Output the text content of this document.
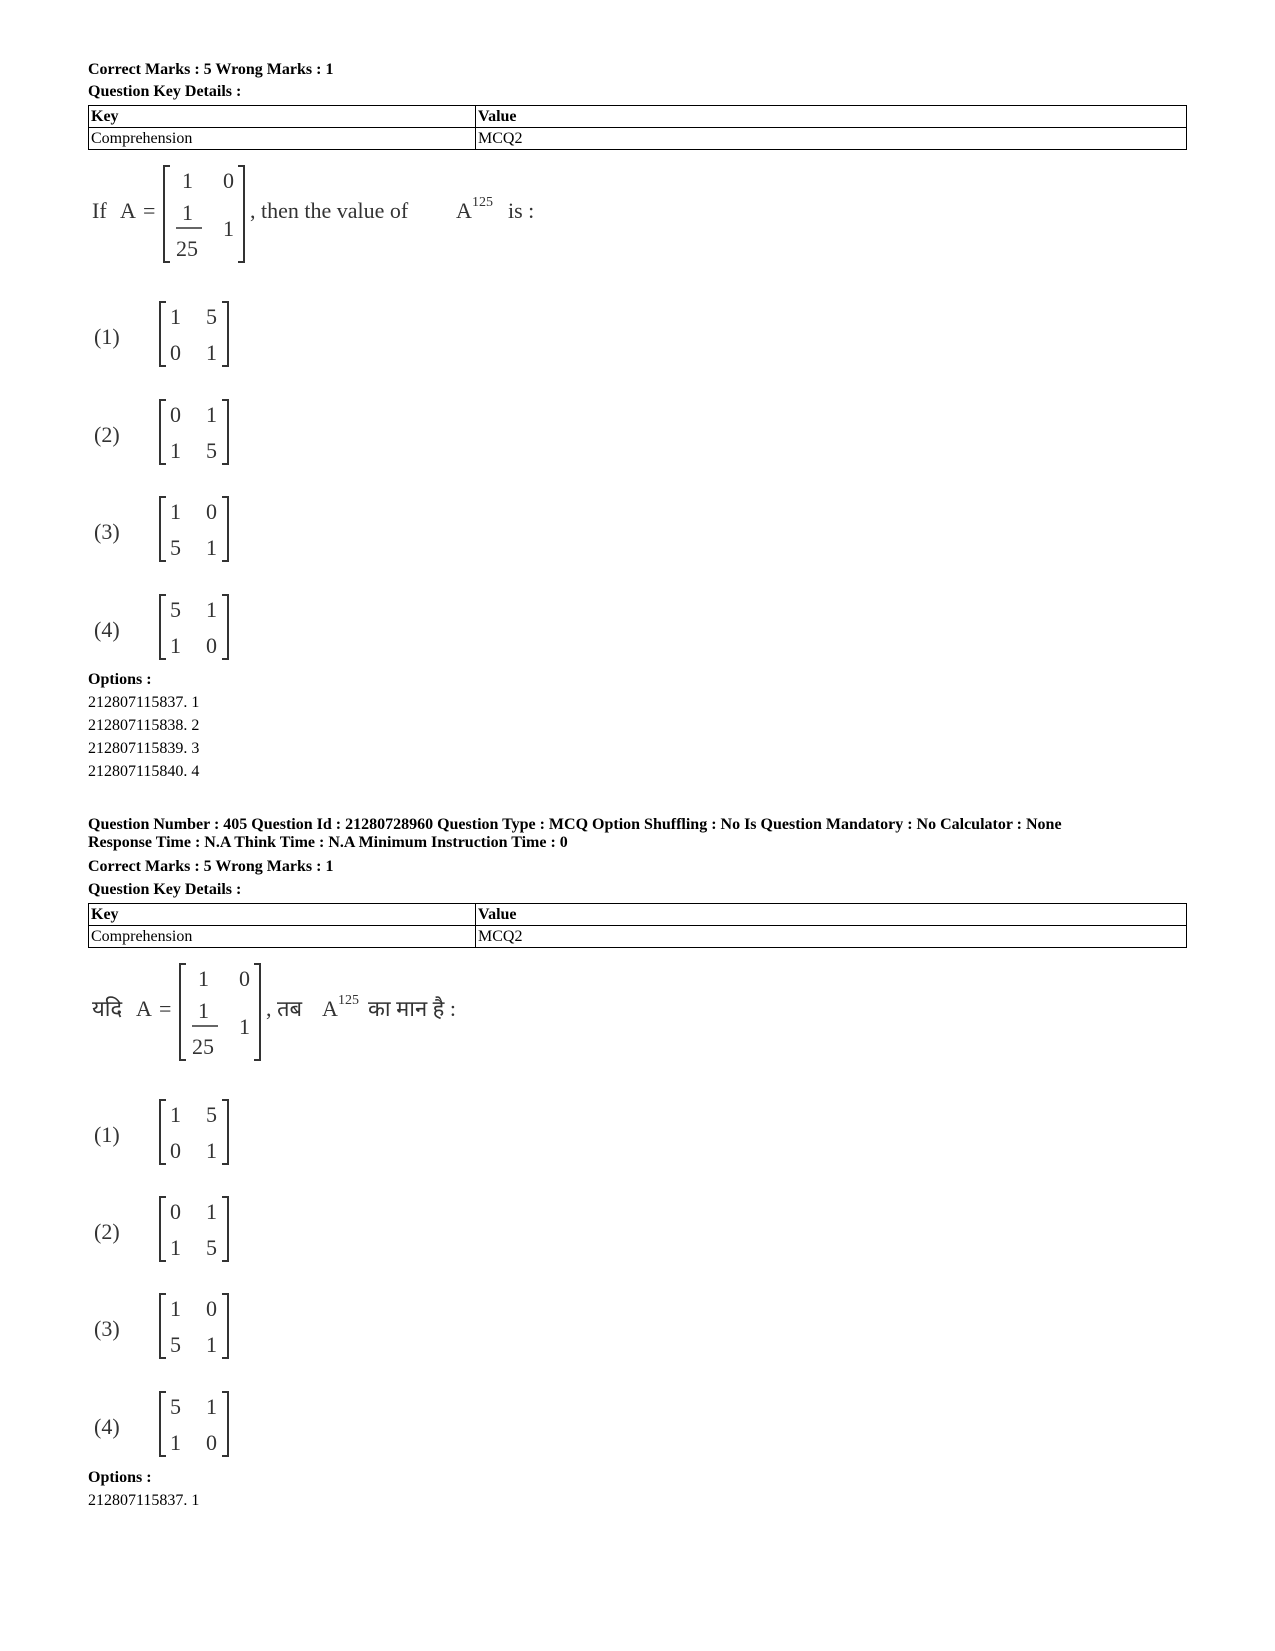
Correct Marks : 5 Wrong Marks : 1
Question Key Details :
Key	Value
Comprehension	MCQ2
If A =
1 0
1
25
1
, then the value of A 125 is :
(1)
1 5
0 1
(2)
0 1
1 5
(3)
1 0
5 1
(4)
5 1
1 0
Options :
212807115837. 1
212807115838. 2
212807115839. 3
212807115840. 4
Question Number : 405 Question Id : 21280728960 Question Type : MCQ Option Shuffling : No Is Question Mandatory : No Calculator : None
Response Time : N.A Think Time : N.A Minimum Instruction Time : 0
Correct Marks : 5 Wrong Marks : 1
Question Key Details :
Key	Value
Comprehension	MCQ2
यदि A =
1 0
1
25
1
, तब A 125 का मान है :
(1)
1 5
0 1
(2)
0 1
1 5
(3)
1 0
5 1
(4)
5 1
1 0
Options :
212807115837. 1
